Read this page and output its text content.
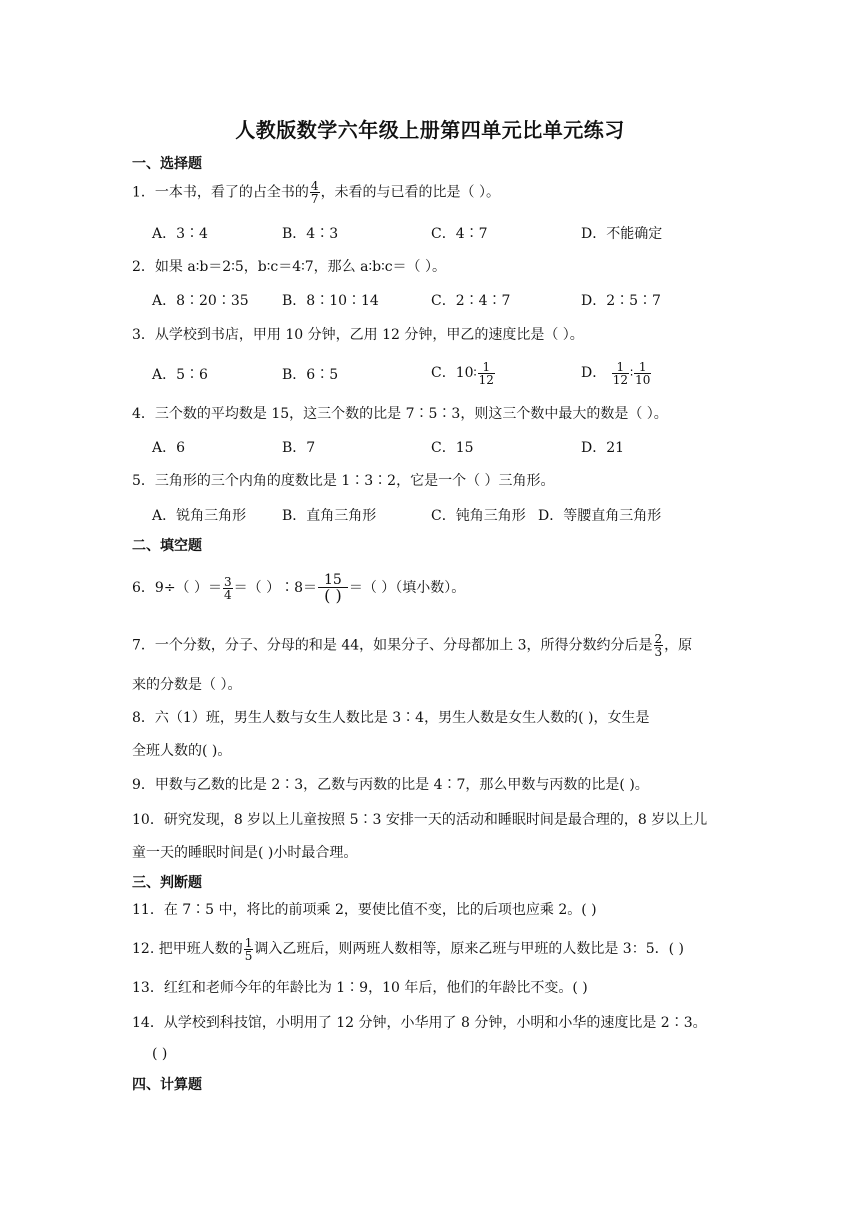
人教版数学六年级上册第四单元比单元练习
一、选择题
1．一本书，看了的占全书的 $\frac{4}{7}$ ，未看的与已看的比是（ ）。
A．3∶4	B．4∶3	C．4∶7	D．不能确定
2．如果 a∶b＝2∶5，b∶c＝4∶7，那么 a∶b∶c＝（ ）。
A．8∶20∶35 B．8∶10∶14	C．2∶4∶7	D．2∶5∶7
3．从学校到书店，甲用 10 分钟，乙用 12 分钟，甲乙的速度比是（ ）。
A．5∶6	B．6∶5	C．10∶ $\frac{1}{12}$	D． $\frac{1}{12}$ ∶ $\frac{1}{10}$
4．三个数的平均数是 15，这三个数的比是 7∶5∶3，则这三个数中最大的数是（ ）。
A．6	B．7	C．15	D．21
5．三角形的三个内角的度数比是 1∶3∶2，它是一个（ ）三角形。
A．锐角三角形	B．直角三角形	C．钝角三角形 D．等腰直角三角形
二、填空题
6．9÷（ ）＝ $\frac{3}{4}$ ＝（ ）∶8＝ $\frac{15}{( )}$ ＝（ ）（填小数）。
7．一个分数，分子、分母的和是 44，如果分子、分母都加上 3，所得分数约分后是 $\frac{2}{3}$ ，原
来的分数是（ ）。
8．六（1）班，男生人数与女生人数比是 3∶4，男生人数是女生人数的( )，女生是
全班人数的( )。
9．甲数与乙数的比是 2∶3，乙数与丙数的比是 4∶7，那么甲数与丙数的比是( )。
10．研究发现，8 岁以上儿童按照 5∶3 安排一天的活动和睡眠时间是最合理的，8 岁以上儿
童一天的睡眠时间是( )小时最合理。
三、判断题
11．在 7∶5 中，将比的前项乘 2，要使比值不变，比的后项也应乘 2。( )
12. 把甲班人数的 $\frac{1}{5}$ 调入乙班后，则两班人数相等，原来乙班与甲班的人数比是 3：5．( )
13．红红和老师今年的年龄比为 1∶9，10 年后，他们的年龄比不变。( )
14．从学校到科技馆，小明用了 12 分钟，小华用了 8 分钟，小明和小华的速度比是 2∶3。
( )
四、计算题
